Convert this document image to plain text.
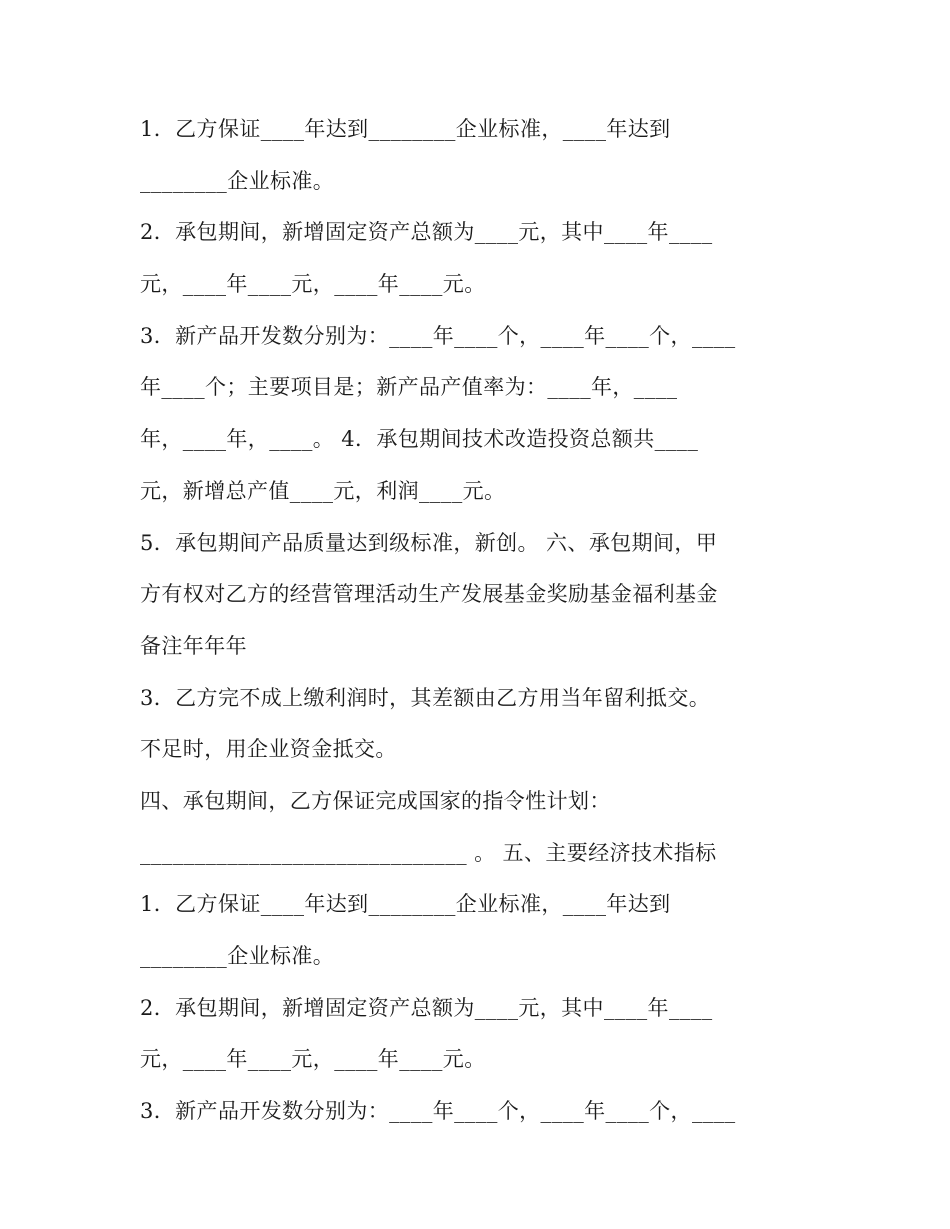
1．乙方保证____年达到________企业标准，____年达到
________企业标准。
2．承包期间，新增固定资产总额为____元，其中____年____
元，____年____元，____年____元。
3．新产品开发数分别为：____年____个，____年____个，____
年____个；主要项目是；新产品产值率为：____年，____
年，____年，____。 4．承包期间技术改造投资总额共____
元，新增总产值____元，利润____元。
5．承包期间产品质量达到级标准，新创。 六、承包期间，甲
方有权对乙方的经营管理活动生产发展基金奖励基金福利基金
备注年年年
3．乙方完不成上缴利润时，其差额由乙方用当年留利抵交。
不足时，用企业资金抵交。
四、承包期间，乙方保证完成国家的指令性计划：
______________________________ 。 五、主要经济技术指标
1．乙方保证____年达到________企业标准，____年达到
________企业标准。
2．承包期间，新增固定资产总额为____元，其中____年____
元，____年____元，____年____元。
3．新产品开发数分别为：____年____个，____年____个，____
